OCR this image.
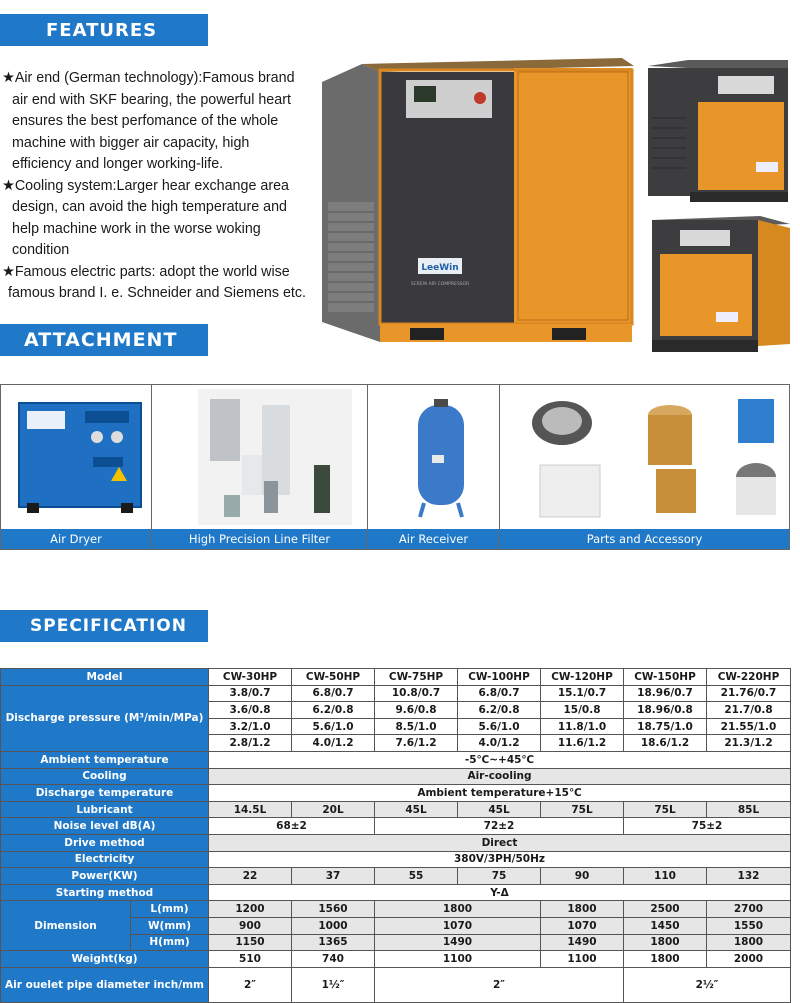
FEATURES
★Air end (German technology):Famous brand
air end with SKF bearing, the powerful heart
ensures the best perfomance of the whole
machine with bigger air capacity, high
efficiency and longer working-life.
★Cooling system:Larger hear exchange area
design, can avoid the high temperature and
help machine work in the worse woking
condition
★Famous electric parts: adopt the world wise
famous brand I. e. Schneider and Siemens etc.
LeeWin
SCREW AIR COMPRESSOR
ATTACHMENT
Air Dryer	High Precision Line Filter	Air Receiver	Parts and Accessory
SPECIFICATION
Model		CW-30HP	CW-50HP	CW-75HP	CW-100HP	CW-120HP	CW-150HP	CW-220HP
Discharge pressure (M³/min/MPa)		3.8/0.7	6.8/0.7	10.8/0.7	6.8/0.7	15.1/0.7	18.96/0.7	21.76/0.7
		3.6/0.8	6.2/0.8	9.6/0.8	6.2/0.8	15/0.8	18.96/0.8	21.7/0.8
		3.2/1.0	5.6/1.0	8.5/1.0	5.6/1.0	11.8/1.0	18.75/1.0	21.55/1.0
		2.8/1.2	4.0/1.2	7.6/1.2	4.0/1.2	11.6/1.2	18.6/1.2	21.3/1.2
Ambient temperature		-5℃~+45℃						
Cooling		Air-cooling						
Discharge temperature		Ambient temperature+15℃						
Lubricant		14.5L	20L	45L	45L	75L	75L	85L
Noise level dB(A)		68±2		72±2			75±2	
Drive method		Direct						
Electricity		380V/3PH/50Hz						
Power(KW)		22	37	55	75	90	110	132
Starting method		Y-Δ						
Dimension	L(mm)	1200	1560	1800		1800	2500	2700
	W(mm)	900	1000	1070		1070	1450	1550
	H(mm)	1150	1365	1490		1490	1800	1800
Weight(kg)		510	740	1100		1100	1800	2000
Air ouelet pipe diameter inch/mm		2″	1½″	2″			2½″	
